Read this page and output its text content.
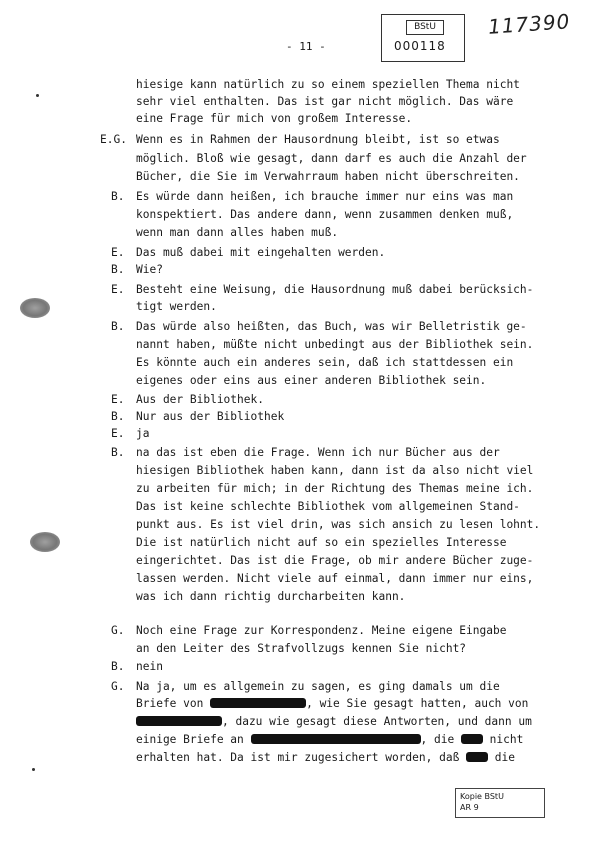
- 11 -
BStU
000118
117390
hiesige kann natürlich zu so einem speziellen Thema nicht
sehr viel enthalten. Das ist gar nicht möglich. Das wäre
eine Frage für mich von großem Interesse.
E.G. Wenn es in Rahmen der Hausordnung bleibt, ist so etwas
möglich. Bloß wie gesagt, dann darf es auch die Anzahl der
Bücher, die Sie im Verwahrraum haben nicht überschreiten.
B. Es würde dann heißen, ich brauche immer nur eins was man
konspektiert. Das andere dann, wenn zusammen denken muß,
wenn man dann alles haben muß.
E. Das muß dabei mit eingehalten werden.
B. Wie?
E. Besteht eine Weisung, die Hausordnung muß dabei berücksich-
tigt werden.
B. Das würde also heißten, das Buch, was wir Belletristik ge-
nannt haben, müßte nicht unbedingt aus der Bibliothek sein.
Es könnte auch ein anderes sein, daß ich stattdessen ein
eigenes oder eins aus einer anderen Bibliothek sein.
E. Aus der Bibliothek.
B. Nur aus der Bibliothek
E. ja
B. na das ist eben die Frage. Wenn ich nur Bücher aus der
hiesigen Bibliothek haben kann, dann ist da also nicht viel
zu arbeiten für mich; in der Richtung des Themas meine ich.
Das ist keine schlechte Bibliothek vom allgemeinen Stand-
punkt aus. Es ist viel drin, was sich ansich zu lesen lohnt.
Die ist natürlich nicht auf so ein spezielles Interesse
eingerichtet. Das ist die Frage, ob mir andere Bücher zuge-
lassen werden. Nicht viele auf einmal, dann immer nur eins,
was ich dann richtig durcharbeiten kann.
G. Noch eine Frage zur Korrespondenz. Meine eigene Eingabe
an den Leiter des Strafvollzugs kennen Sie nicht?
B. nein
G. Na ja, um es allgemein zu sagen, es ging damals um die
Briefe von	, wie Sie gesagt hatten, auch von
, dazu wie gesagt diese Antworten, und dann um
einige Briefe an	, die  nicht
erhalten hat. Da ist mir zugesichert worden, daß  die
Kopie BStU
AR 9
